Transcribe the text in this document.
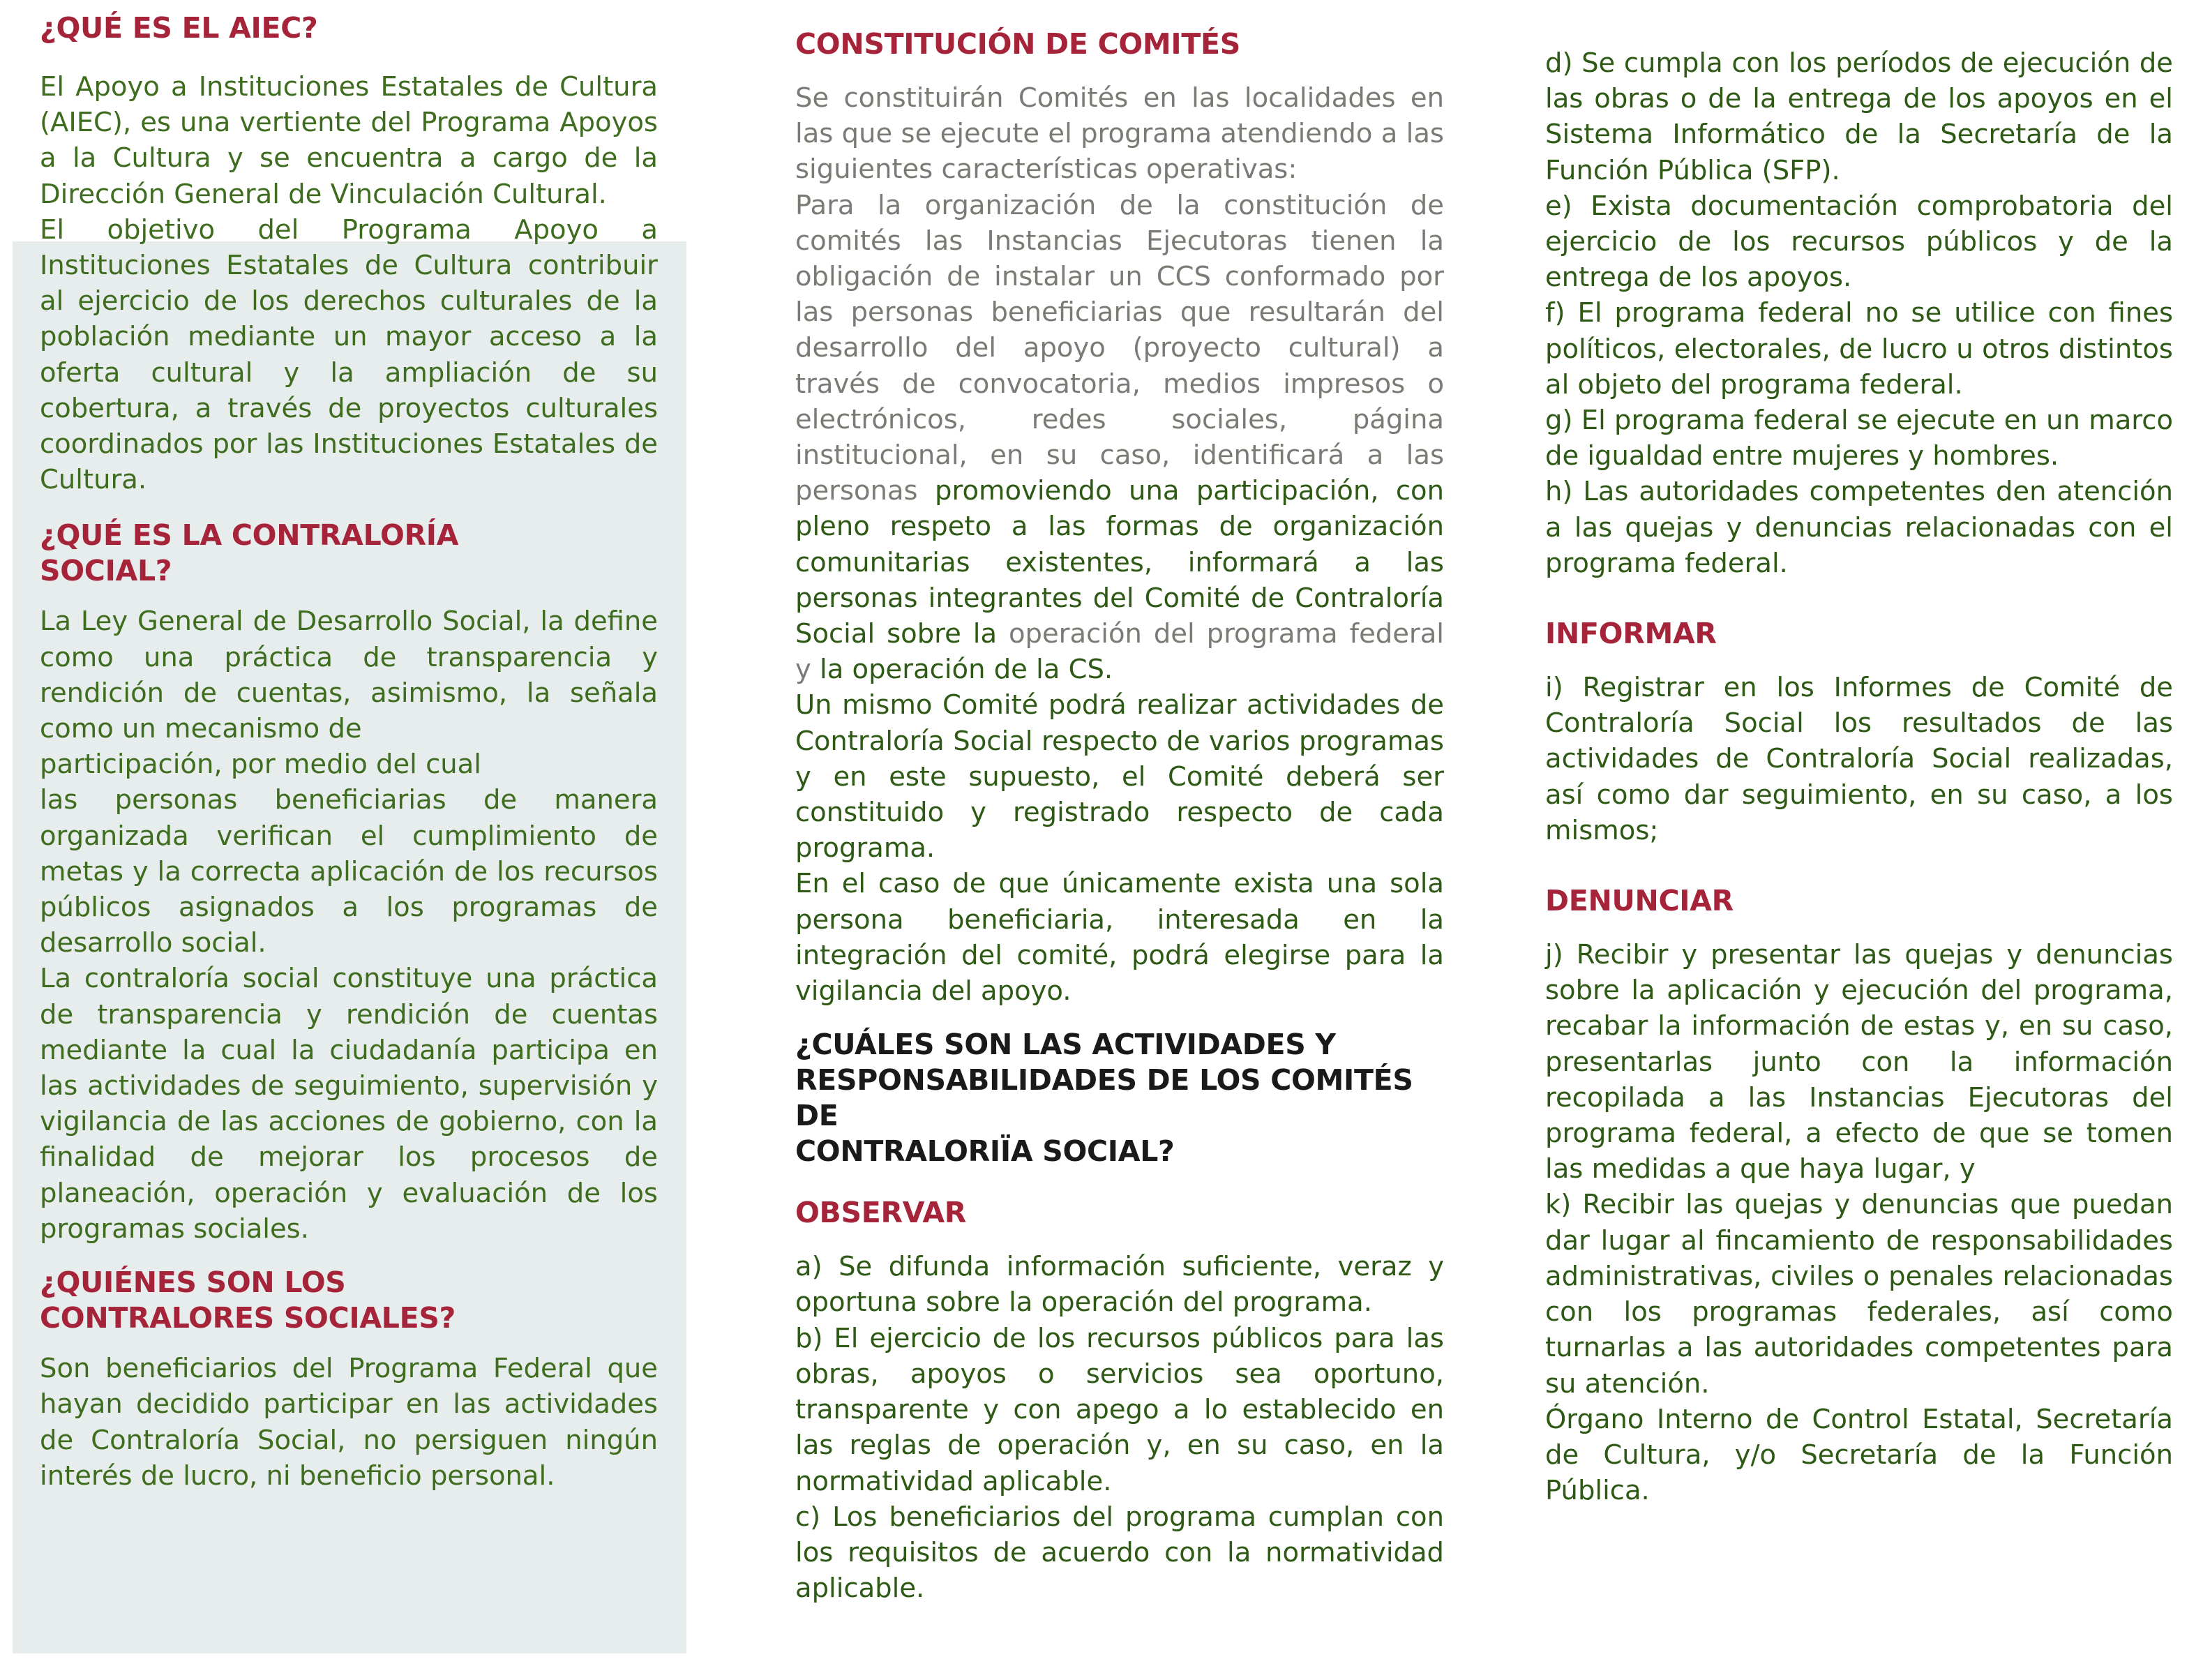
¿QUÉ ES EL AIEC?

El Apoyo a Instituciones Estatales de Cultura (AIEC), es una vertiente del Programa Apoyos a la Cultura y se encuentra a cargo de la Dirección General de Vinculación Cultural.

El objetivo del Programa Apoyo a Instituciones Estatales de Cultura contribuir al ejercicio de los derechos culturales de la población mediante un mayor acceso a la oferta cultural y la ampliación de su cobertura, a través de proyectos culturales coordinados por las Instituciones Estatales de Cultura.

¿QUÉ ES LA CONTRALORÍA
SOCIAL?

La Ley General de Desarrollo Social, la define como una práctica de transparencia y rendición de cuentas, asimismo, la señala como un mecanismo de

participación, por medio del cual

las personas beneficiarias de manera organizada verifican el cumplimiento de metas y la correcta aplicación de los recursos públicos asignados a los programas de desarrollo social.

La contraloría social constituye una práctica de transparencia y rendición de cuentas mediante la cual la ciudadanía participa en las actividades de seguimiento, supervisión y vigilancia de las acciones de gobierno, con la finalidad de mejorar los procesos de planeación, operación y evaluación de los programas sociales.

¿QUIÉNES SON LOS
CONTRALORES SOCIALES?

Son beneficiarios del Programa Federal que hayan decidido participar en las actividades de Contraloría Social, no persiguen ningún interés de lucro, ni beneficio personal.

CONSTITUCIÓN DE COMITÉS

Se constituirán Comités en las localidades en las que se ejecute el programa atendiendo a las siguientes características operativas:

Para la organización de la constitución de comités las Instancias Ejecutoras tienen la obligación de instalar un CCS conformado por las personas beneficiarias que resultarán del desarrollo del apoyo (proyecto cultural) a través de convocatoria, medios impresos o electrónicos, redes sociales, página institucional, en su caso, identificará a las personas promoviendo una participación, con pleno respeto a las formas de organización comunitarias existentes, informará a las personas integrantes del Comité de Contraloría Social sobre la operación del programa federal y la operación de la CS.

Un mismo Comité podrá realizar actividades de Contraloría Social respecto de varios programas y en este supuesto, el Comité deberá ser constituido y registrado respecto de cada programa.

En el caso de que únicamente exista una sola persona beneficiaria, interesada en la integración del comité, podrá elegirse para la vigilancia del apoyo.

¿CUÁLES SON LAS ACTIVIDADES Y
RESPONSABILIDADES DE LOS COMITÉS DE
CONTRALORIÏA SOCIAL?

OBSERVAR

a) Se difunda información suficiente, veraz y oportuna sobre la operación del programa.

b) El ejercicio de los recursos públicos para las obras, apoyos o servicios sea oportuno, transparente y con apego a lo establecido en las reglas de operación y, en su caso, en la normatividad aplicable.

c) Los beneficiarios del programa cumplan con los requisitos de acuerdo con la normatividad aplicable.

d) Se cumpla con los períodos de ejecución de las obras o de la entrega de los apoyos en el Sistema Informático de la Secretaría de la Función Pública (SFP).

e) Exista documentación comprobatoria del ejercicio de los recursos públicos y de la entrega de los apoyos.

f) El programa federal no se utilice con fines políticos, electorales, de lucro u otros distintos al objeto del programa federal.

g) El programa federal se ejecute en un marco de igualdad entre mujeres y hombres.

h) Las autoridades competentes den atención a las quejas y denuncias relacionadas con el programa federal.

INFORMAR

i) Registrar en los Informes de Comité de Contraloría Social los resultados de las actividades de Contraloría Social realizadas, así como dar seguimiento, en su caso, a los mismos;

DENUNCIAR

j) Recibir y presentar las quejas y denuncias sobre la aplicación y ejecución del programa, recabar la información de estas y, en su caso, presentarlas junto con la información recopilada a las Instancias Ejecutoras del programa federal, a efecto de que se tomen las medidas a que haya lugar, y

k) Recibir las quejas y denuncias que puedan dar lugar al fincamiento de responsabilidades administrativas, civiles o penales relacionadas con los programas federales, así como turnarlas a las autoridades competentes para su atención.

Órgano Interno de Control Estatal, Secretaría de Cultura, y/o Secretaría de la Función Pública.
